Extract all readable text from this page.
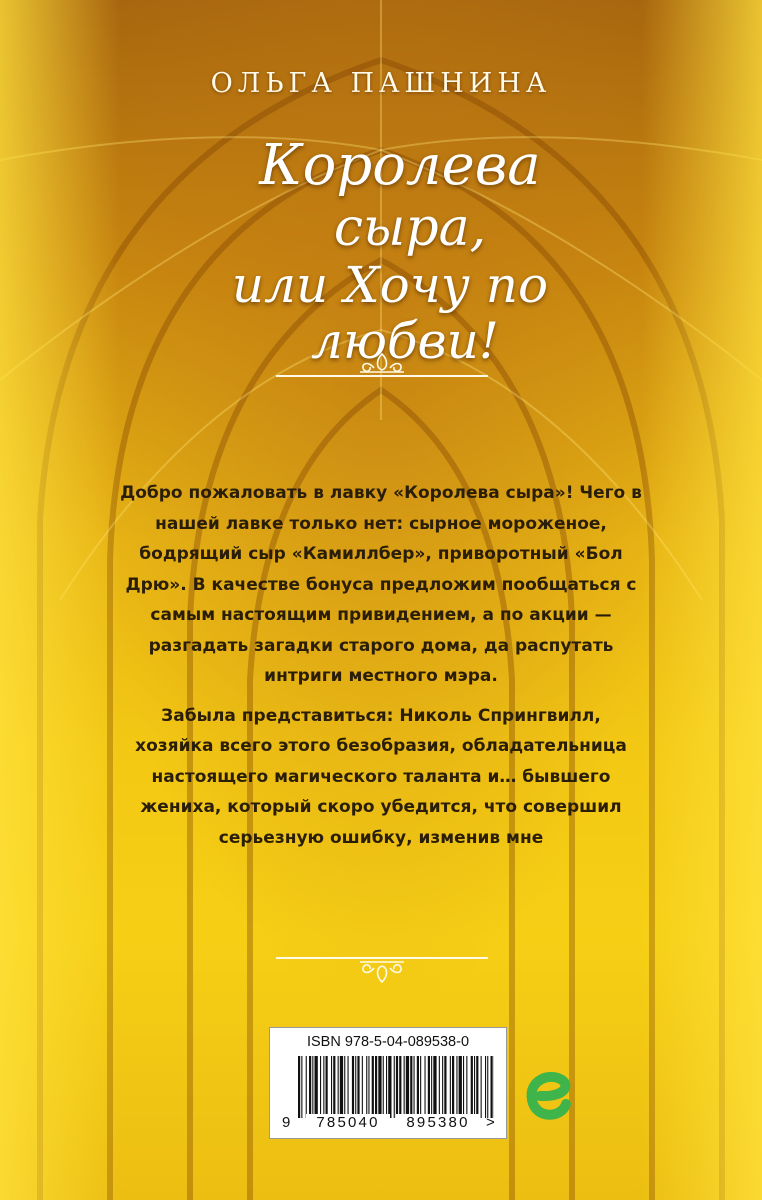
ОЛЬГА ПАШНИНА
Королева
сыра,
или Хочу по
любви!

Добро пожаловать в лавку «Королева сыра»! Чего в нашей лавке только нет: сырное мороженое, бодрящий сыр «Камиллбер», приворотный «Бол Дрю». В качестве бонуса предложим пообщаться с самым настоящим привидением, а по акции — разгадать загадки старого дома, да распутать интриги местного мэра.

Забыла представиться: Николь Спрингвилл, хозяйка всего этого безобразия, обладательница настоящего магического таланта и… бывшего жениха, который скоро убедится, что совершил серьезную ошибку, изменив мне

ISBN 978-5-04-089538-0
9	785040	895380	>
